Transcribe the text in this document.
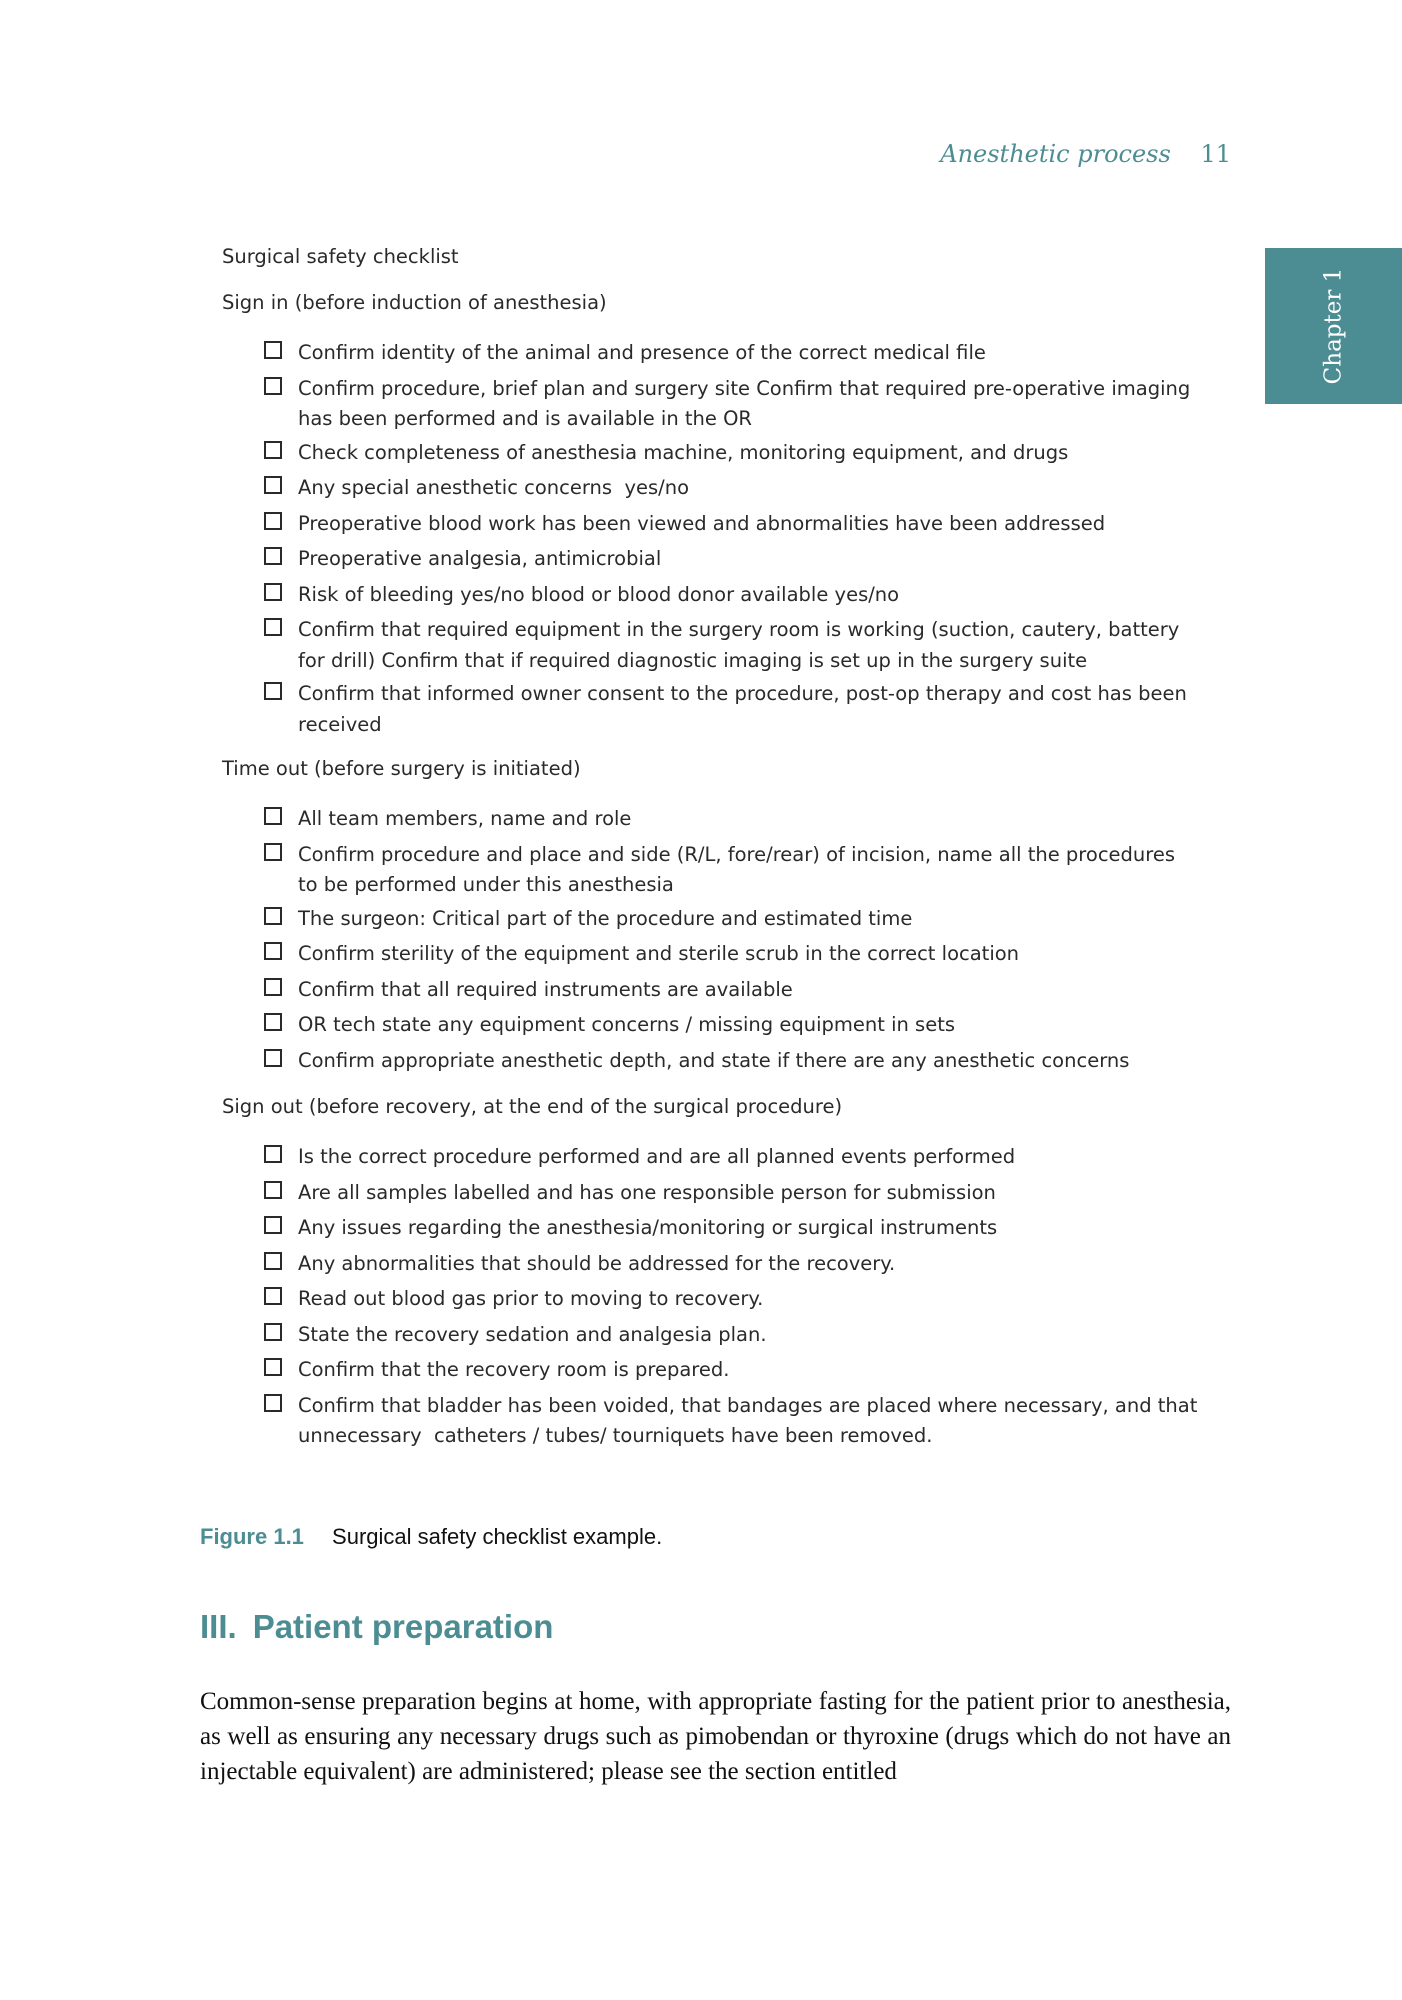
Anesthetic process 11
Chapter 1
Surgical safety checklist
Sign in (before induction of anesthesia)
Confirm identity of the animal and presence of the correct medical file
Confirm procedure, brief plan and surgery site Confirm that required pre-operative imaging has been performed and is available in the OR
Check completeness of anesthesia machine, monitoring equipment, and drugs
Any special anesthetic concerns  yes/no
Preoperative blood work has been viewed and abnormalities have been addressed
Preoperative analgesia, antimicrobial
Risk of bleeding yes/no blood or blood donor available yes/no
Confirm that required equipment in the surgery room is working (suction, cautery, battery for drill) Confirm that if required diagnostic imaging is set up in the surgery suite
Confirm that informed owner consent to the procedure, post-op therapy and cost has been received
Time out (before surgery is initiated)
All team members, name and role
Confirm procedure and place and side (R/L, fore/rear) of incision, name all the procedures to be performed under this anesthesia
The surgeon: Critical part of the procedure and estimated time
Confirm sterility of the equipment and sterile scrub in the correct location
Confirm that all required instruments are available
OR tech state any equipment concerns / missing equipment in sets
Confirm appropriate anesthetic depth, and state if there are any anesthetic concerns
Sign out (before recovery, at the end of the surgical procedure)
Is the correct procedure performed and are all planned events performed
Are all samples labelled and has one responsible person for submission
Any issues regarding the anesthesia/monitoring or surgical instruments
Any abnormalities that should be addressed for the recovery.
Read out blood gas prior to moving to recovery.
State the recovery sedation and analgesia plan.
Confirm that the recovery room is prepared.
Confirm that bladder has been voided, that bandages are placed where necessary, and that unnecessary  catheters / tubes/ tourniquets have been removed.
Figure 1.1 Surgical safety checklist example.
III. Patient preparation

Common-sense preparation begins at home, with appropriate fasting for the patient prior to anesthesia, as well as ensuring any necessary drugs such as pimobendan or thyroxine (drugs which do not have an injectable equivalent) are administered; please see the section entitled
